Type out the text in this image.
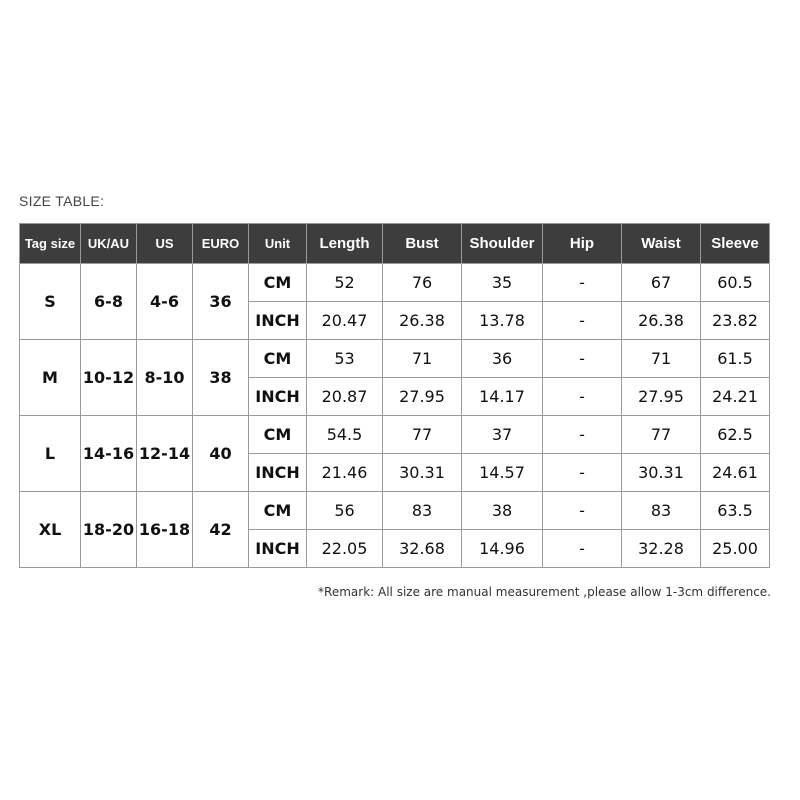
SIZE TABLE:
Tag size	UK/AU	US	EURO	Unit	Length	Bust	Shoulder	Hip	Waist	Sleeve
S	6-8	4-6	36	CM	52	76	35	-	67	60.5
				INCH	20.47	26.38	13.78	-	26.38	23.82
M	10-12	8-10	38	CM	53	71	36	-	71	61.5
				INCH	20.87	27.95	14.17	-	27.95	24.21
L	14-16	12-14	40	CM	54.5	77	37	-	77	62.5
				INCH	21.46	30.31	14.57	-	30.31	24.61
XL	18-20	16-18	42	CM	56	83	38	-	83	63.5
				INCH	22.05	32.68	14.96	-	32.28	25.00
*Remark: All size are manual measurement ,please allow 1-3cm difference.
